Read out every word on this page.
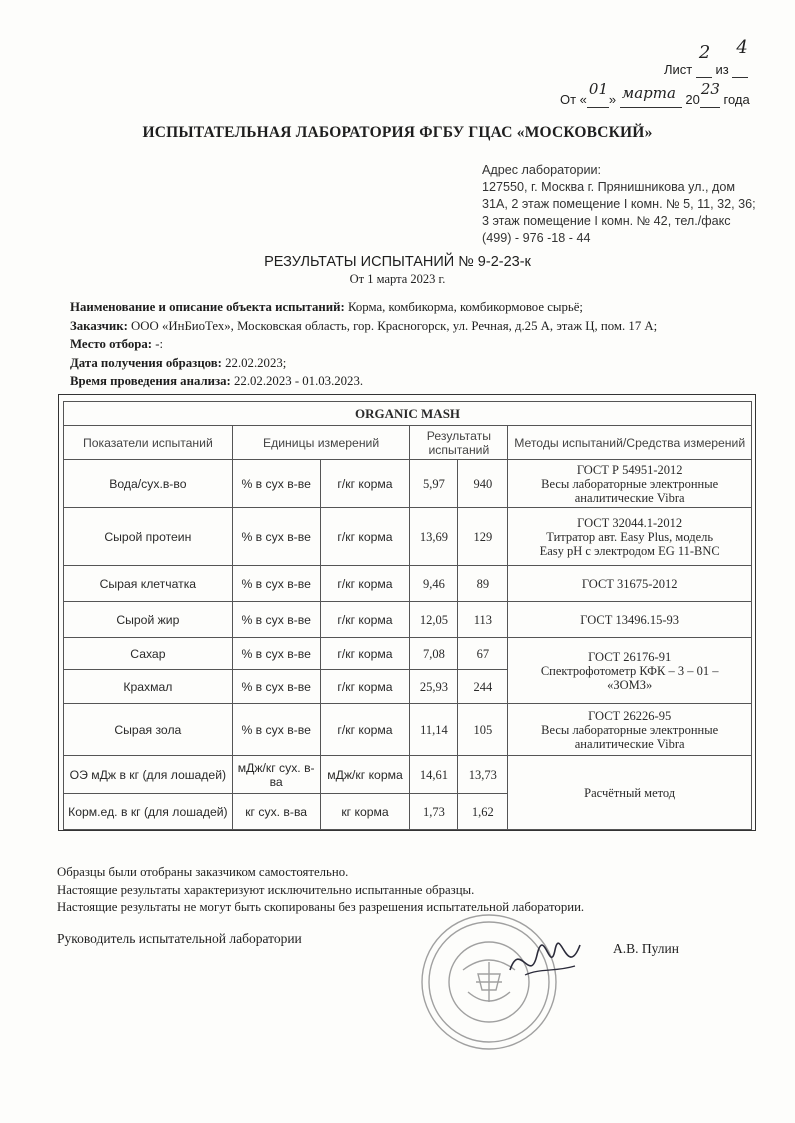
Лист
2
из
4

От «
01
» марта 20
23
года
ИСПЫТАТЕЛЬНАЯ ЛАБОРАТОРИЯ ФГБУ ГЦАС «МОСКОВСКИЙ»
Адрес лаборатории:
127550, г. Москва г. Прянишникова ул., дом
31А, 2 этаж помещение I комн. № 5, 11, 32, 36;
3 этаж помещение I комн. № 42, тел./факс
(499) - 976 -18 - 44
РЕЗУЛЬТАТЫ ИСПЫТАНИЙ № 9-2-23-к
От 1 марта 2023 г.
Наименование и описание объекта испытаний: Корма, комбикорма, комбикормовое сырьё;
Заказчик: ООО «ИнБиоТех», Московская область, гор. Красногорск, ул. Речная, д.25 А, этаж Ц, пом. 17 А;
Место отбора: -:
Дата получения образцов: 22.02.2023;
Время проведения анализа: 22.02.2023 - 01.03.2023.
ORGANIC MASH					
Показатели испытаний	Единицы измерений		Результаты испытаний		Методы испытаний/Средства измерений
Вода/сух.в-во	% в сух в-ве	г/кг корма	5,97	940	ГОСТ Р 54951-2012
Весы лабораторные электронные
аналитические Vibra

Сырой протеин	% в сух в-ве	г/кг корма	13,69	129	ГОСТ 32044.1-2012
Титратор авт. Easy Plus, модель
Easy pH с электродом EG 11-BNC

Сырая клетчатка	% в сух в-ве	г/кг корма	9,46	89	ГОСТ 31675-2012
Сырой жир	% в сух в-ве	г/кг корма	12,05	113	ГОСТ 13496.15-93
Сахар	% в сух в-ве	г/кг корма	7,08	67	ГОСТ 26176-91
Спектрофотометр КФК – 3 – 01 –
«ЗОМЗ»

Крахмал	% в сух в-ве	г/кг корма	25,93	244	
Сырая зола	% в сух в-ве	г/кг корма	11,14	105	ГОСТ 26226-95
Весы лабораторные электронные
аналитические Vibra

ОЭ мДж в кг (для лошадей)	мДж/кг сух. в-ва	мДж/кг корма	14,61	13,73	Расчётный метод
Корм.ед. в кг (для лошадей)	кг сух. в-ва	кг корма	1,73	1,62	
Образцы были отобраны заказчиком самостоятельно.
Настоящие результаты характеризуют исключительно испытанные образцы.
Настоящие результаты не могут быть скопированы без разрешения испытательной лаборатории.
Руководитель испытательной лаборатории
А.В. Пулин
